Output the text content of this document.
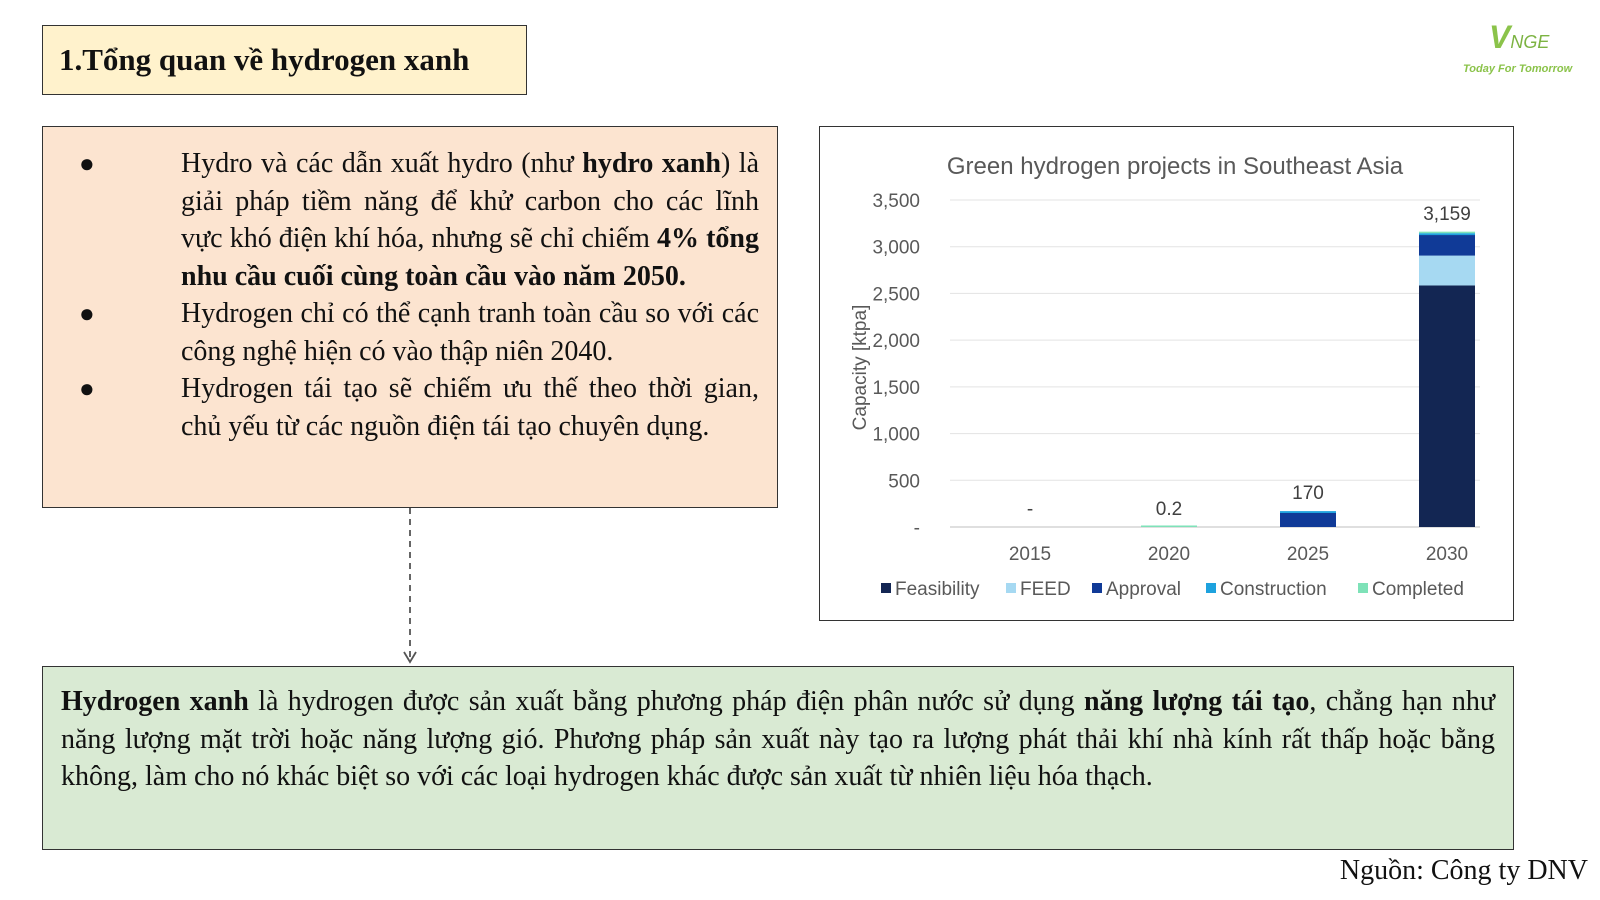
1.Tổng quan về hydrogen xanh
VNGE
Today For Tomorrow
●	Hydro và các dẫn xuất hydro (như hydro xanh) là giải pháp tiềm năng để khử carbon cho các lĩnh vực khó điện khí hóa, nhưng sẽ chỉ chiếm 4% tổng nhu cầu cuối cùng toàn cầu vào năm 2050.
●	Hydrogen chỉ có thể cạnh tranh toàn cầu so với các công nghệ hiện có vào thập niên 2040.
●	Hydrogen tái tạo sẽ chiếm ưu thế theo thời gian, chủ yếu từ các nguồn điện tái tạo chuyên dụng.
Green hydrogen projects in Southeast Asia
-
500
1,000
1,500
2,000
2,500
3,000
3,500
Capacity [ktpa]
-
2015
0.2
2020
170
2025
3,159
2030
Feasibility FEED Approval Construction Completed

Hydrogen xanh là hydrogen được sản xuất bằng phương pháp điện phân nước sử dụng năng lượng tái tạo, chẳng hạn như năng lượng mặt trời hoặc năng lượng gió. Phương pháp sản xuất này tạo ra lượng phát thải khí nhà kính rất thấp hoặc bằng không, làm cho nó khác biệt so với các loại hydrogen khác được sản xuất từ nhiên liệu hóa thạch.

Nguồn: Công ty DNV
